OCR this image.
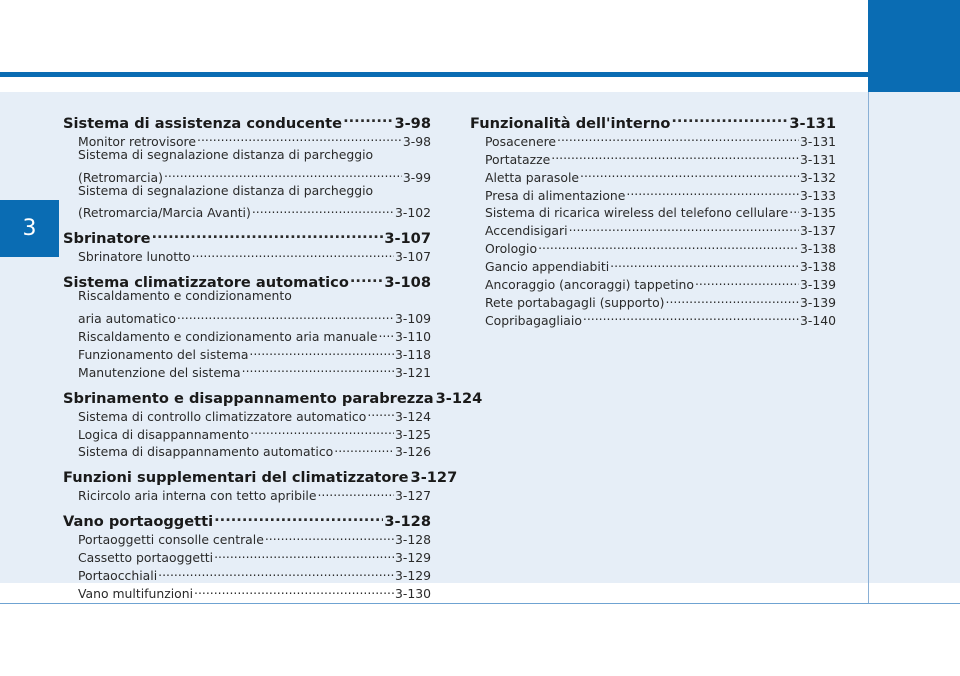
3
Sistema di assistenza conducente .....	3-98
Monitor retrovisore .....	3-98
Sistema di segnalazione distanza di parcheggio
(Retromarcia) .....	3-99
Sistema di segnalazione distanza di parcheggio
(Retromarcia/Marcia Avanti) .....	3-102
Sbrinatore .....	3-107
Sbrinatore lunotto .....	3-107
Sistema climatizzatore automatico ..... 3-108
Riscaldamento e condizionamento
aria automatico .....	3-109
Riscaldamento e condizionamento aria manuale ..... 3-110
Funzionamento del sistema .....	3-118
Manutenzione del sistema .....	3-121
Sbrinamento e disappannamento parabrezza 3-124
Sistema di controllo climatizzatore automatico ..... 3-124
Logica di disappannamento .....	3-125
Sistema di disappannamento automatico .....	3-126
Funzioni supplementari del climatizzatore 3-127
Ricircolo aria interna con tetto apribile .....	3-127
Vano portaoggetti .....	3-128
Portaoggetti consolle centrale .....	3-128
Cassetto portaoggetti .....	3-129
Portaocchiali .....	3-129
Vano multifunzioni .....	3-130
Funzionalità dell'interno .....	3-131
Posacenere .....	3-131
Portatazze .....	3-131
Aletta parasole .....	3-132
Presa di alimentazione .....	3-133
Sistema di ricarica wireless del telefono cellulare ..... 3-135
Accendisigari .....	3-137
Orologio .....	3-138
Gancio appendiabiti .....	3-138
Ancoraggio (ancoraggi) tappetino .....	3-139
Rete portabagagli (supporto) .....	3-139
Copribagagliaio .....	3-140
